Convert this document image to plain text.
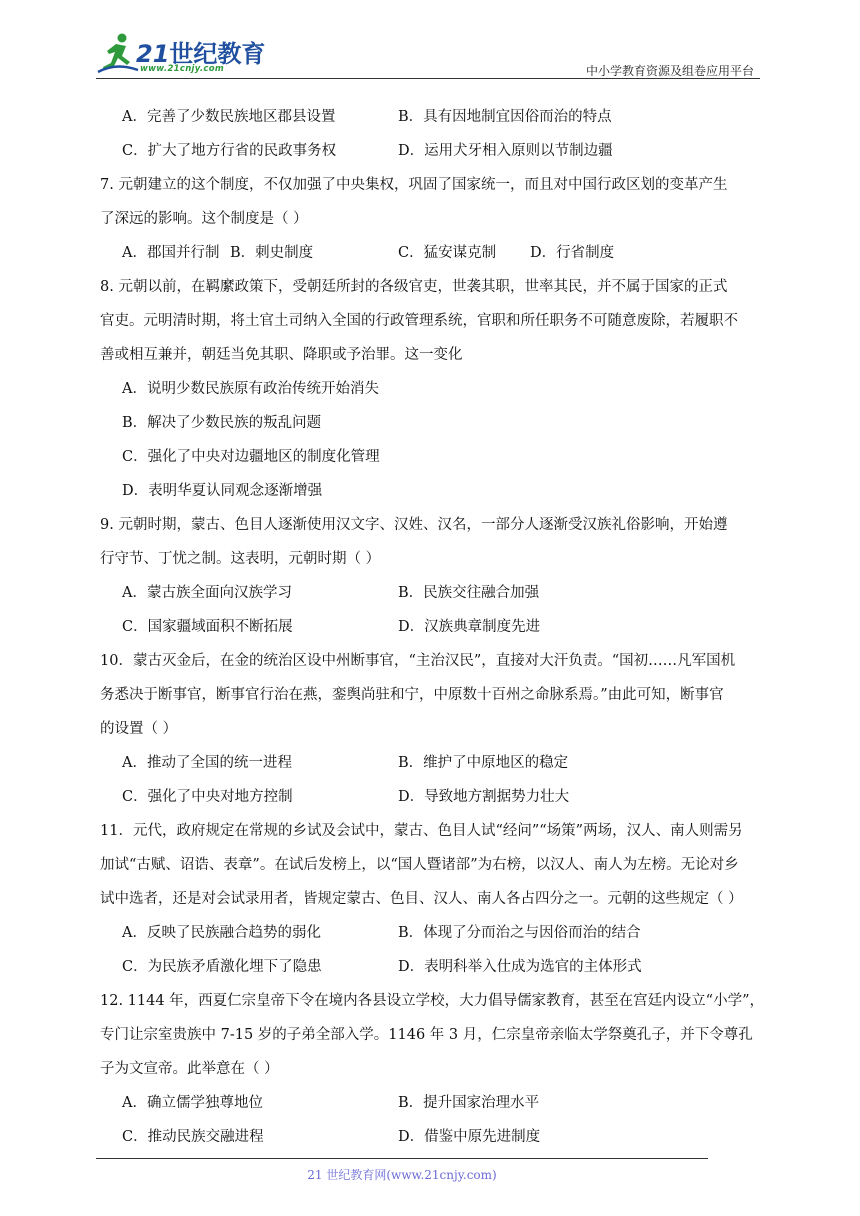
21世纪教育
www.21cnjy.com	中小学教育资源及组卷应用平台
A．完善了少数民族地区郡县设置	B．具有因地制宜因俗而治的特点
C．扩大了地方行省的民政事务权	D．运用犬牙相入原则以节制边疆
7. 元朝建立的这个制度，不仅加强了中央集权，巩固了国家统一，而且对中国行政区划的变革产生
了深远的影响。这个制度是（ ）
A．郡国并行制 B．刺史制度	C．猛安谋克制 D．行省制度
8. 元朝以前，在羁縻政策下，受朝廷所封的各级官吏，世袭其职，世率其民，并不属于国家的正式
官吏。元明清时期，将土官土司纳入全国的行政管理系统，官职和所任职务不可随意废除，若履职不
善或相互兼并，朝廷当免其职、降职或予治罪。这一变化
A．说明少数民族原有政治传统开始消失
B．解决了少数民族的叛乱问题
C．强化了中央对边疆地区的制度化管理
D．表明华夏认同观念逐渐增强
9. 元朝时期，蒙古、色目人逐渐使用汉文字、汉姓、汉名，一部分人逐渐受汉族礼俗影响，开始遵
行守节、丁忧之制。这表明，元朝时期（ ）
A．蒙古族全面向汉族学习	B．民族交往融合加强
C．国家疆域面积不断拓展	D．汉族典章制度先进
10．蒙古灭金后，在金的统治区设中州断事官，“主治汉民”，直接对大汗负责。“国初……凡军国机
务悉决于断事官，断事官行治在燕，銮舆尚驻和宁，中原数十百州之命脉系焉。”由此可知，断事官
的设置（ ）
A．推动了全国的统一进程	B．维护了中原地区的稳定
C．强化了中央对地方控制	D．导致地方割据势力壮大
11．元代，政府规定在常规的乡试及会试中，蒙古、色目人试“经问”“场策”两场，汉人、南人则需另
加试“古赋、诏诰、表章”。在试后发榜上，以“国人暨诸部”为右榜，以汉人、南人为左榜。无论对乡
试中选者，还是对会试录用者，皆规定蒙古、色目、汉人、南人各占四分之一。元朝的这些规定（ ）
A．反映了民族融合趋势的弱化	B．体现了分而治之与因俗而治的结合
C．为民族矛盾激化埋下了隐患	D．表明科举入仕成为选官的主体形式
12. 1144 年，西夏仁宗皇帝下令在境内各县设立学校，大力倡导儒家教育，甚至在宫廷内设立“小学”，
专门让宗室贵族中 7-15 岁的子弟全部入学。1146 年 3 月，仁宗皇帝亲临太学祭奠孔子，并下令尊孔
子为文宣帝。此举意在（ ）
A．确立儒学独尊地位	B．提升国家治理水平
C．推动民族交融进程	D．借鉴中原先进制度
21 世纪教育网(www.21cnjy.com)
